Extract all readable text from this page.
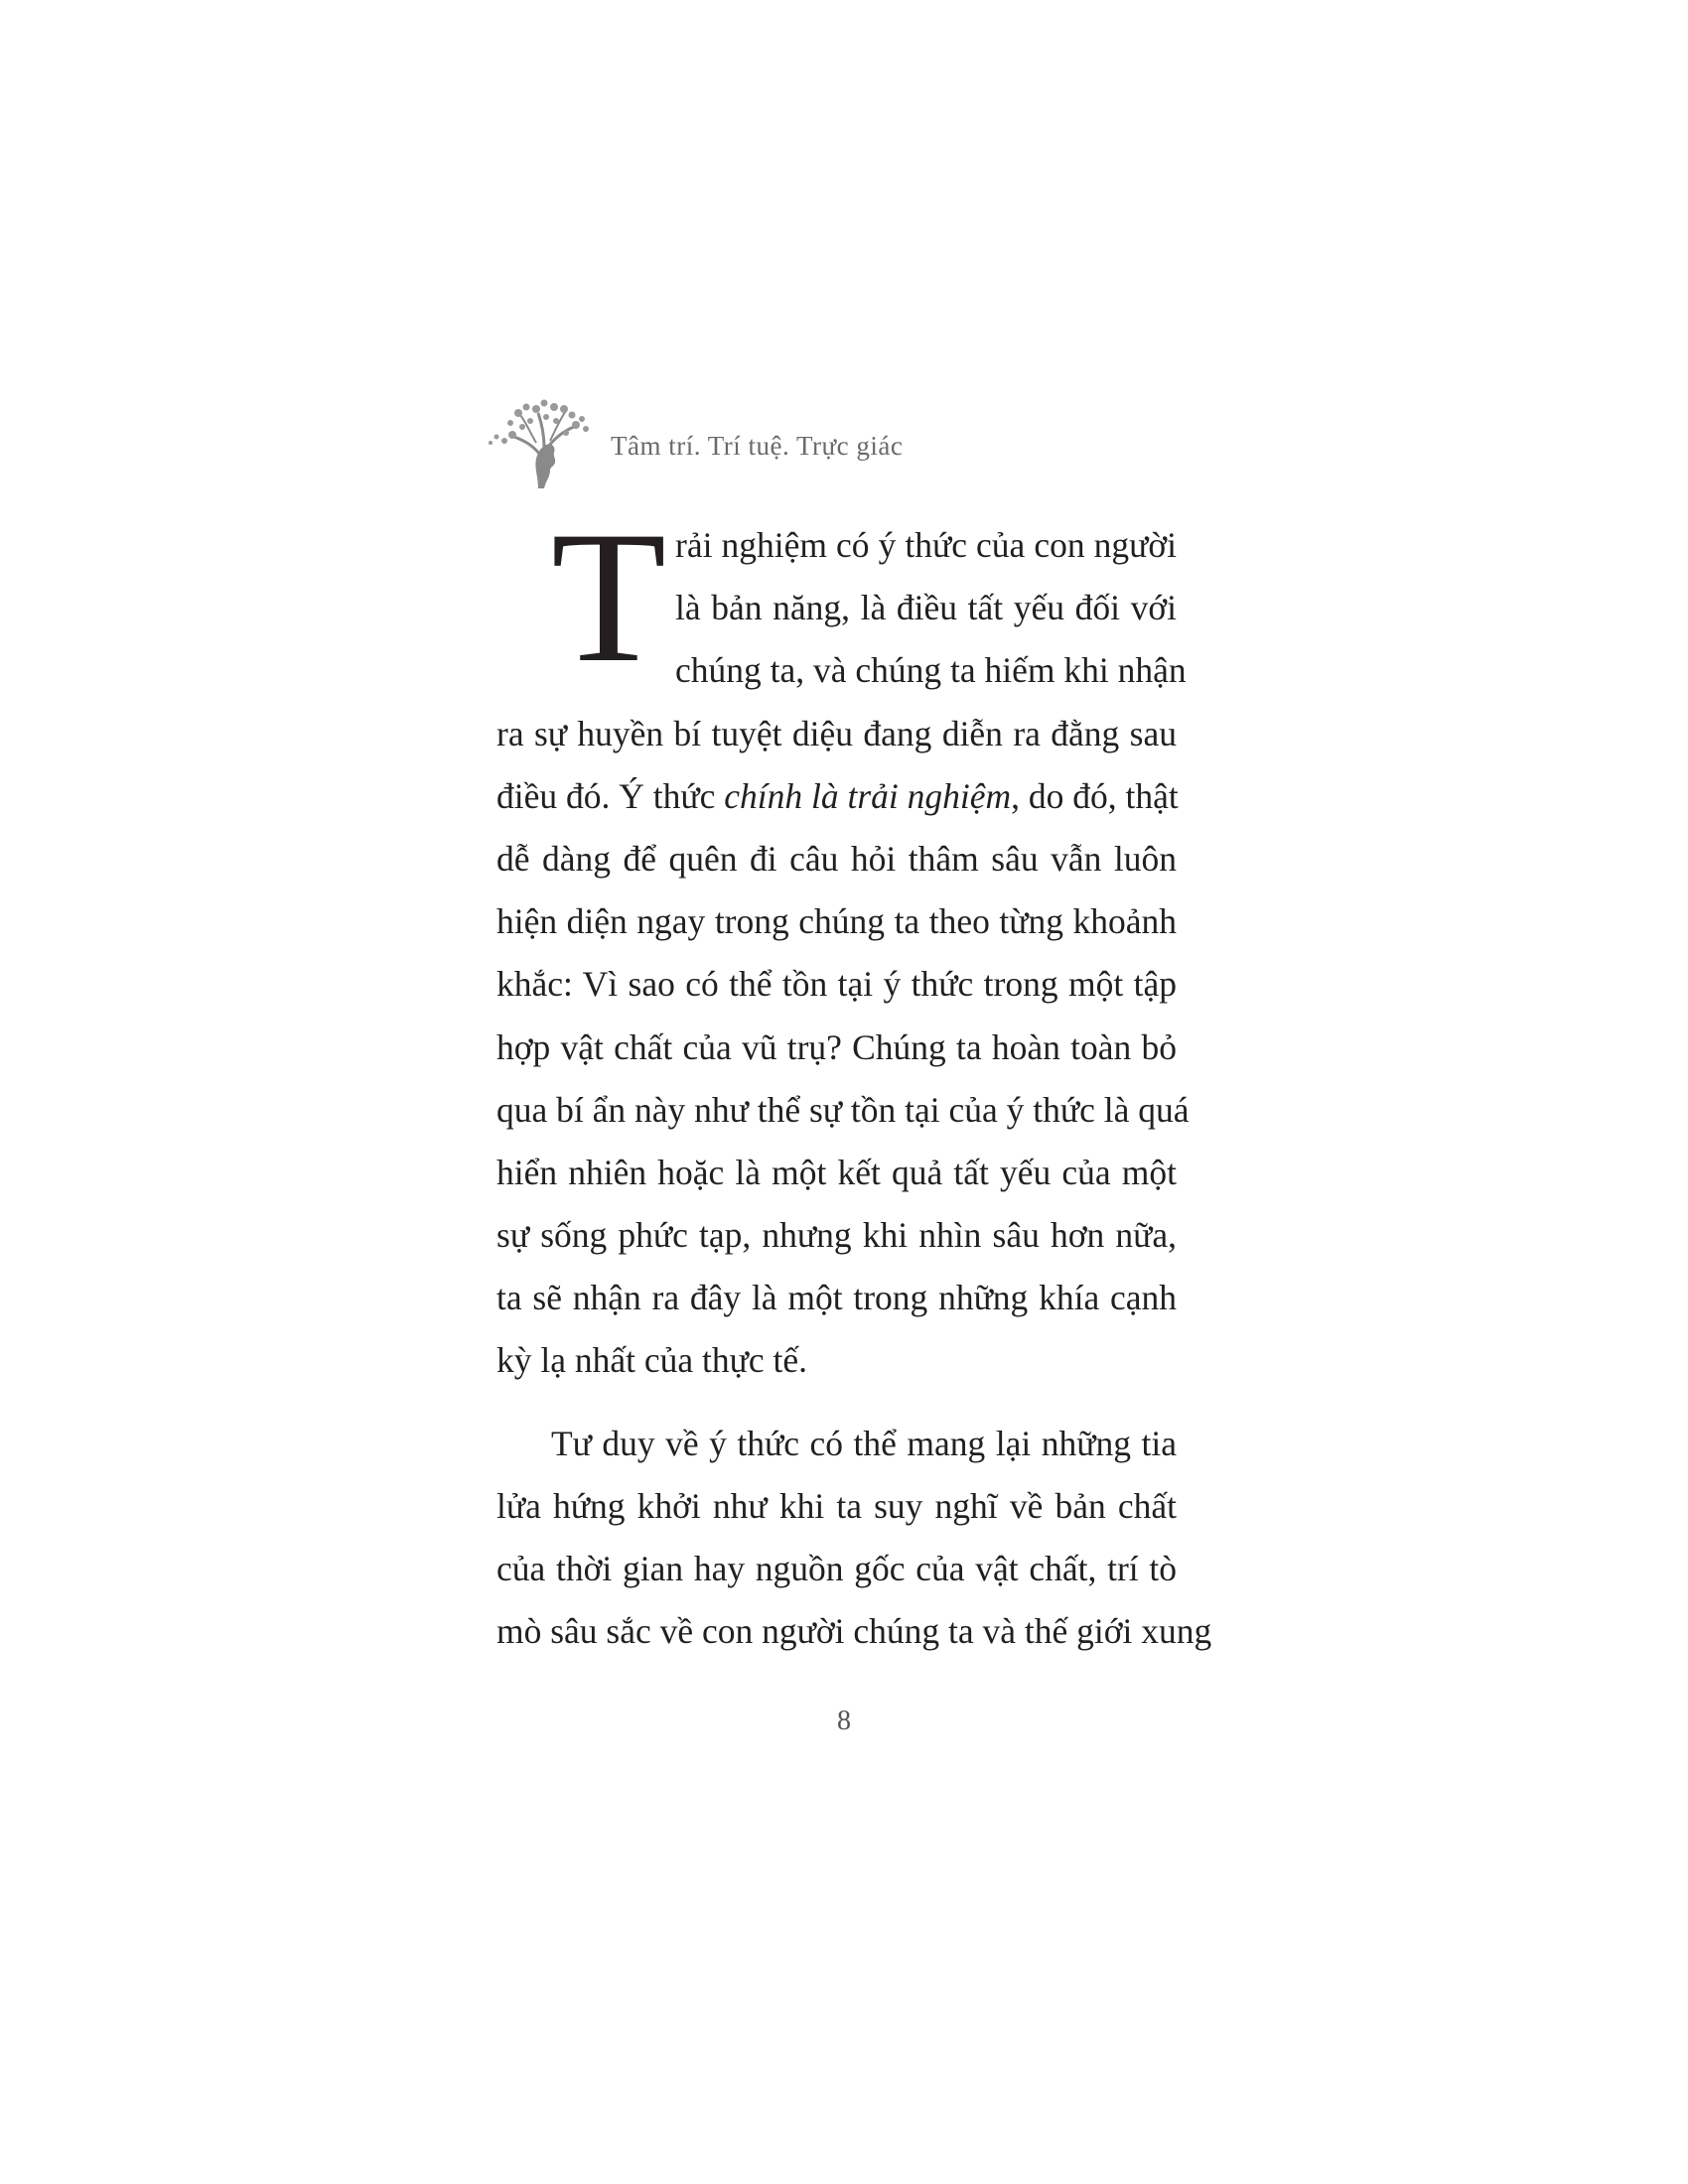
Tâm trí. Trí tuệ. Trực giác
T rải nghiệm có ý thức của con người
là bản năng, là điều tất yếu đối với
chúng ta, và chúng ta hiếm khi nhận
ra sự huyền bí tuyệt diệu đang diễn ra đằng sau
điều đó. Ý thức chính là trải nghiệm, do đó, thật
dễ dàng để quên đi câu hỏi thâm sâu vẫn luôn
hiện diện ngay trong chúng ta theo từng khoảnh
khắc: Vì sao có thể tồn tại ý thức trong một tập
hợp vật chất của vũ trụ? Chúng ta hoàn toàn bỏ
qua bí ẩn này như thể sự tồn tại của ý thức là quá
hiển nhiên hoặc là một kết quả tất yếu của một
sự sống phức tạp, nhưng khi nhìn sâu hơn nữa,
ta sẽ nhận ra đây là một trong những khía cạnh
kỳ lạ nhất của thực tế.
Tư duy về ý thức có thể mang lại những tia
lửa hứng khởi như khi ta suy nghĩ về bản chất
của thời gian hay nguồn gốc của vật chất, trí tò
mò sâu sắc về con người chúng ta và thế giới xung
8
